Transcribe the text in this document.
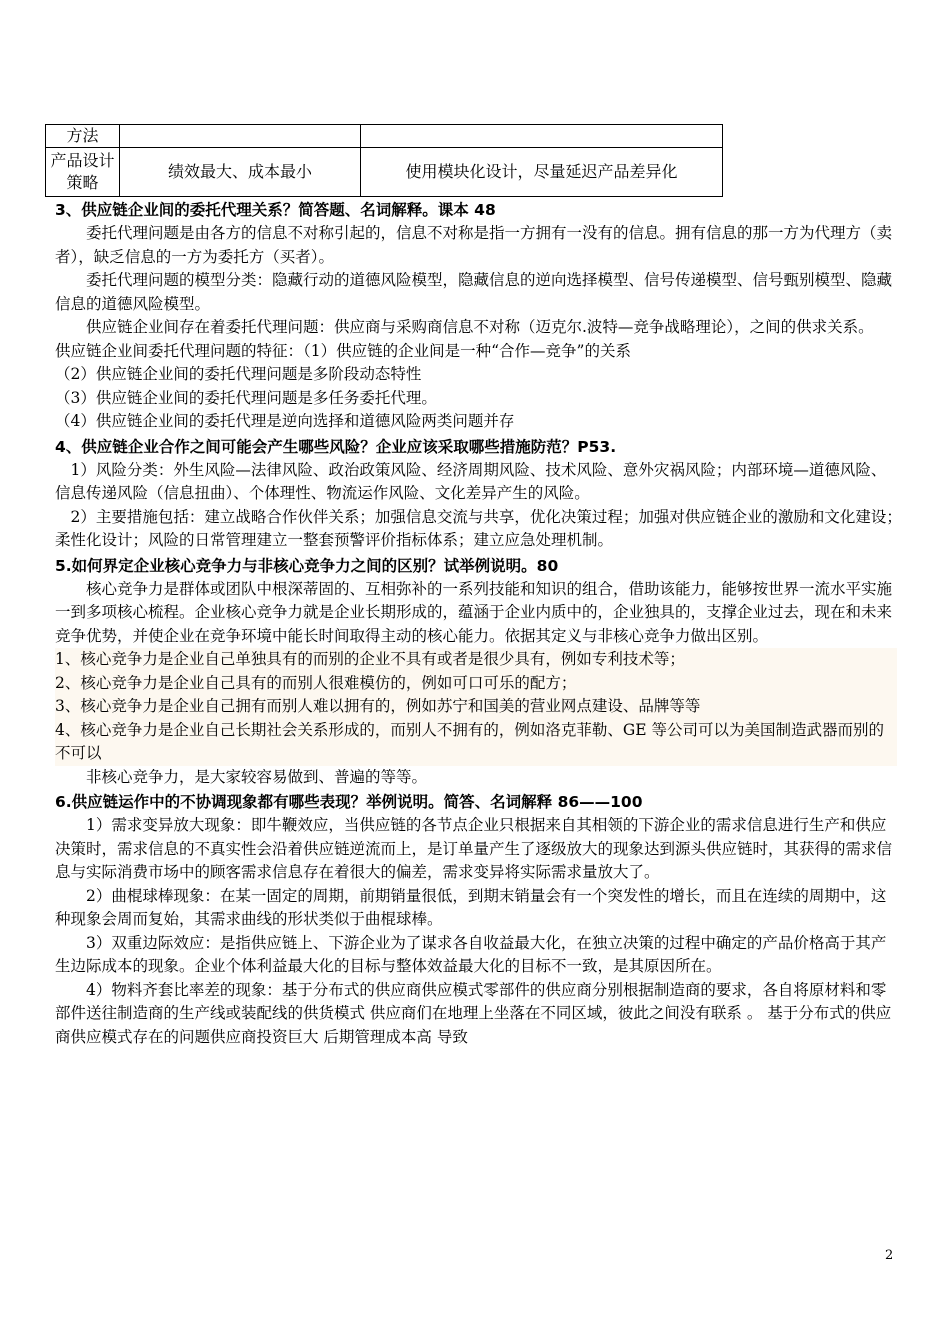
方法		
产品设计策略	绩效最大、成本最小	使用模块化设计，尽量延迟产品差异化
3、供应链企业间的委托代理关系？简答题、名词解释。课本 48
委托代理问题是由各方的信息不对称引起的，信息不对称是指一方拥有一没有的信息。拥有信息的那一方为代理方（卖者），缺乏信息的一方为委托方（买者）。
委托代理问题的模型分类：隐藏行动的道德风险模型，隐藏信息的逆向选择模型、信号传递模型、信号甄别模型、隐藏信息的道德风险模型。
供应链企业间存在着委托代理问题：供应商与采购商信息不对称（迈克尔.波特—竞争战略理论），之间的供求关系。　　供应链企业间委托代理问题的特征：（1）供应链的企业间是一种“合作—竞争”的关系
（2）供应链企业间的委托代理问题是多阶段动态特性
（3）供应链企业间的委托代理问题是多任务委托代理。
（4）供应链企业间的委托代理是逆向选择和道德风险两类问题并存
4、供应链企业合作之间可能会产生哪些风险？企业应该采取哪些措施防范？P53.
1）风险分类：外生风险—法律风险、政治政策风险、经济周期风险、技术风险、意外灾祸风险；内部环境—道德风险、信息传递风险（信息扭曲）、个体理性、物流运作风险、文化差异产生的风险。
2）主要措施包括：建立战略合作伙伴关系；加强信息交流与共享，优化决策过程；加强对供应链企业的激励和文化建设；　柔性化设计；风险的日常管理建立一整套预警评价指标体系；建立应急处理机制。
5.如何界定企业核心竞争力与非核心竞争力之间的区别？试举例说明。80
核心竞争力是群体或团队中根深蒂固的、互相弥补的一系列技能和知识的组合，借助该能力，能够按世界一流水平实施一到多项核心梳程。企业核心竞争力就是企业长期形成的，蕴涵于企业内质中的，企业独具的，支撑企业过去，现在和未来竞争优势，并使企业在竞争环境中能长时间取得主动的核心能力。依据其定义与非核心竞争力做出区别。
1、核心竞争力是企业自己单独具有的而别的企业不具有或者是很少具有，例如专利技术等；
2、核心竞争力是企业自己具有的而别人很难模仿的，例如可口可乐的配方；
3、核心竞争力是企业自己拥有而别人难以拥有的，例如苏宁和国美的营业网点建设、品牌等等
4、核心竞争力是企业自己长期社会关系形成的，而别人不拥有的，例如洛克菲勒、GE 等公司可以为美国制造武器而别的不可以
非核心竞争力，是大家较容易做到、普遍的等等。
6.供应链运作中的不协调现象都有哪些表现？举例说明。简答、名词解释 86——100
1）需求变异放大现象：即牛鞭效应，当供应链的各节点企业只根据来自其相领的下游企业的需求信息进行生产和供应决策时，需求信息的不真实性会沿着供应链逆流而上，是订单量产生了逐级放大的现象达到源头供应链时，其获得的需求信息与实际消费市场中的顾客需求信息存在着很大的偏差，需求变异将实际需求量放大了。
2）曲棍球棒现象：在某一固定的周期，前期销量很低，到期末销量会有一个突发性的增长，而且在连续的周期中，这种现象会周而复始，其需求曲线的形状类似于曲棍球棒。
3）双重边际效应：是指供应链上、下游企业为了谋求各自收益最大化，在独立决策的过程中确定的产品价格高于其产生边际成本的现象。企业个体利益最大化的目标与整体效益最大化的目标不一致，是其原因所在。
4）物料齐套比率差的现象：基于分布式的供应商供应模式零部件的供应商分别根据制造商的要求，各自将原材料和零部件送往制造商的生产线或装配线的供货模式 供应商们在地理上坐落在不同区域，彼此之间没有联系 。 基于分布式的供应商供应模式存在的问题供应商投资巨大 后期管理成本高 导致
2
